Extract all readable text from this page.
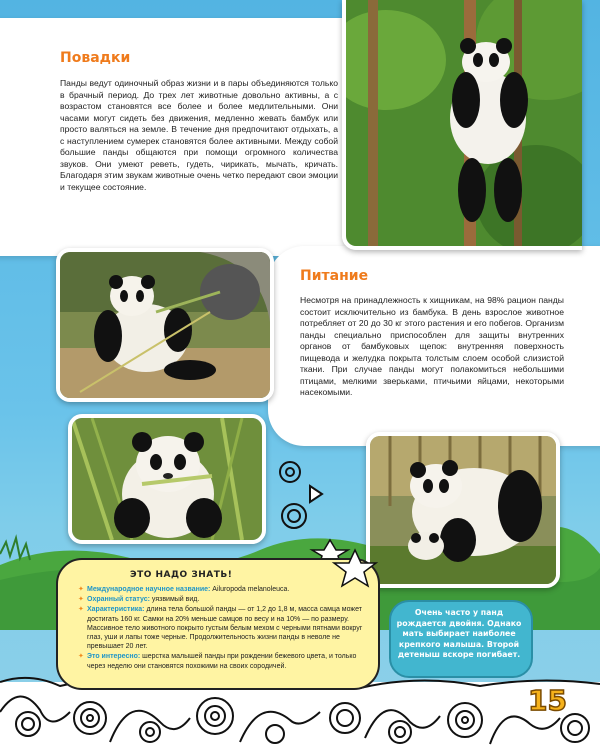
Повадки
Панды ведут одиночный образ жизни и в пары объединяются только в брачный период. До трех лет животные довольно активны, а с возрастом становятся все более и более медлительными. Они часами могут сидеть без движения, медленно жевать бамбук или просто валяться на земле. В течение дня предпочитают отдыхать, а с наступлением сумерек становятся более активными. Между собой большие панды общаются при помощи огромного количества звуков. Они умеют реветь, гудеть, чирикать, мычать, кричать. Благодаря этим звукам животные очень четко передают свои эмоции и текущее состояние.
Питание
Несмотря на принадлежность к хищникам, на 98% рацион панды состоит исключительно из бамбука. В день взрослое животное потребляет от 20 до 30 кг этого растения и его побегов. Организм панды специально приспособлен для защиты внутренних органов от бамбуковых щепок: внутренняя поверхность пищевода и желудка покрыта толстым слоем особой слизистой ткани. При случае панды могут полакомиться небольшими птицами, мелкими зверьками, птичьими яйцами, некоторыми насекомыми.
ЭТО НАДО ЗНАТЬ!
✦ Международное научное название: Ailuropoda melanoleuca.
✦ Охранный статус: уязвимый вид.
✦ Характеристика: длина тела большой панды — от 1,2 до 1,8 м, масса самца может достигать 160 кг. Самки на 20% меньше самцов по весу и на 10% — по размеру. Массивное тело животного покрыто густым белым мехом с черными пятнами вокруг глаз, уши и лапы тоже черные. Продолжительность жизни панды в неволе не превышает 20 лет.
✦ Это интересно: шерстка малышей панды при рождении бежевого цвета, и только через неделю они становятся похожими на своих сородичей.
Очень часто у панд рождается двойня. Однако мать выбирает наиболее крепкого малыша. Второй детеныш вскоре погибает.
15
